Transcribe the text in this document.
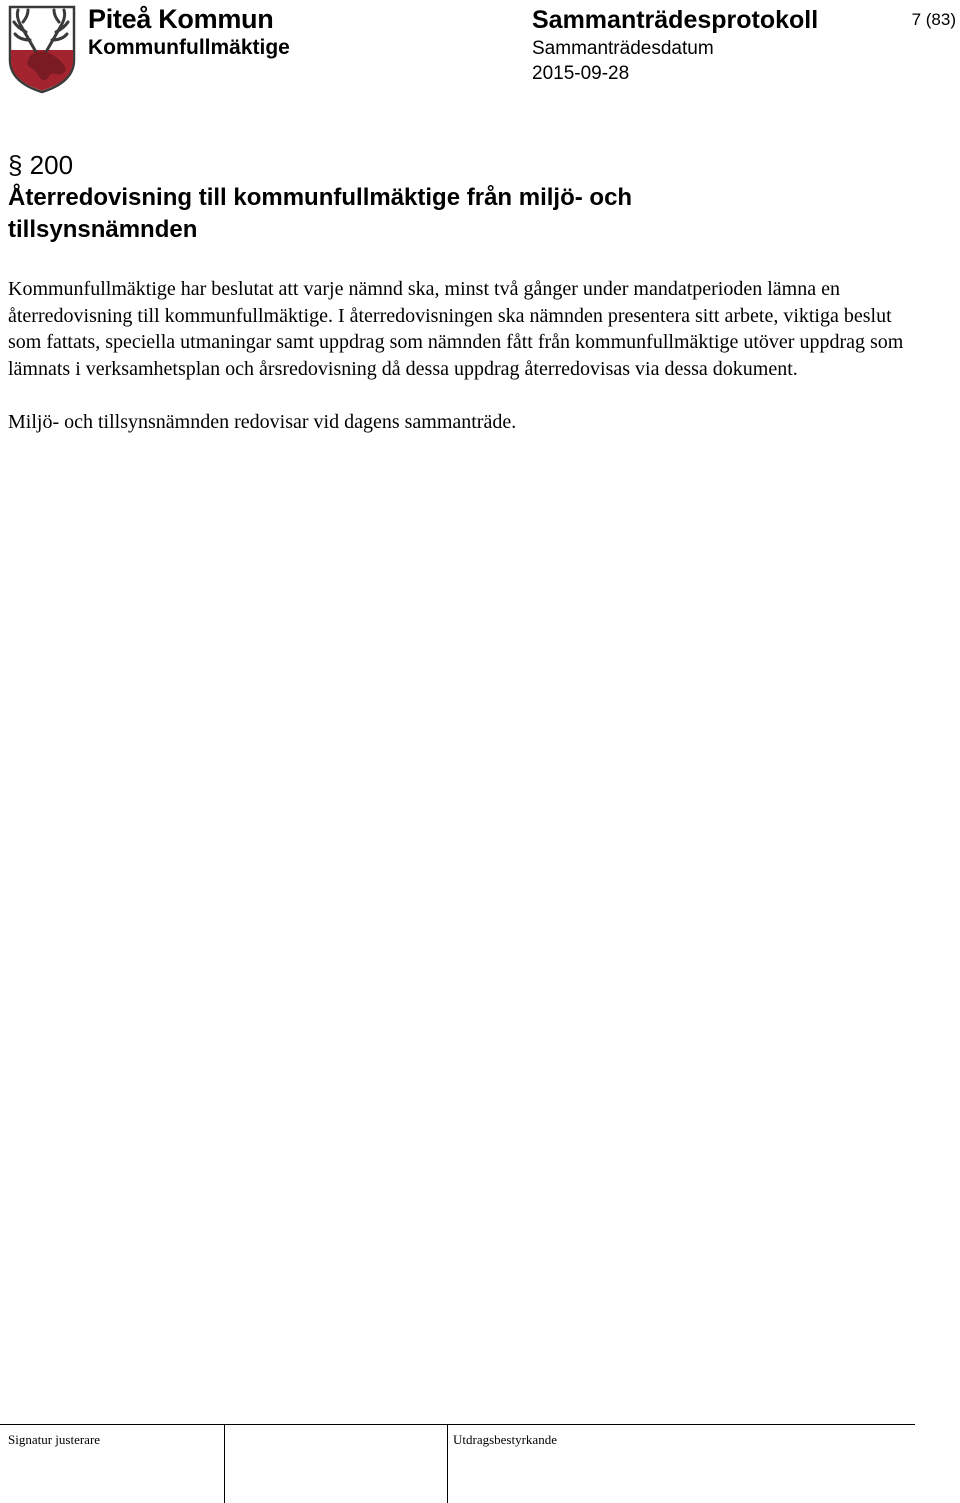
Piteå Kommun
Kommunfullmäktige
Sammanträdesprotokoll
Sammanträdesdatum
2015-09-28
7 (83)
§ 200
Återredovisning till kommunfullmäktige från miljö- och tillsynsnämnden

Kommunfullmäktige har beslutat att varje nämnd ska, minst två gånger under mandatperioden lämna en återredovisning till kommunfullmäktige. I återredovisningen ska nämnden presentera sitt arbete, viktiga beslut som fattats, speciella utmaningar samt uppdrag som nämnden fått från kommunfullmäktige utöver uppdrag som lämnats i verksamhetsplan och årsredovisning då dessa uppdrag återredovisas via dessa dokument.

Miljö- och tillsynsnämnden redovisar vid dagens sammanträde.

Signatur justerare	Utdragsbestyrkande
